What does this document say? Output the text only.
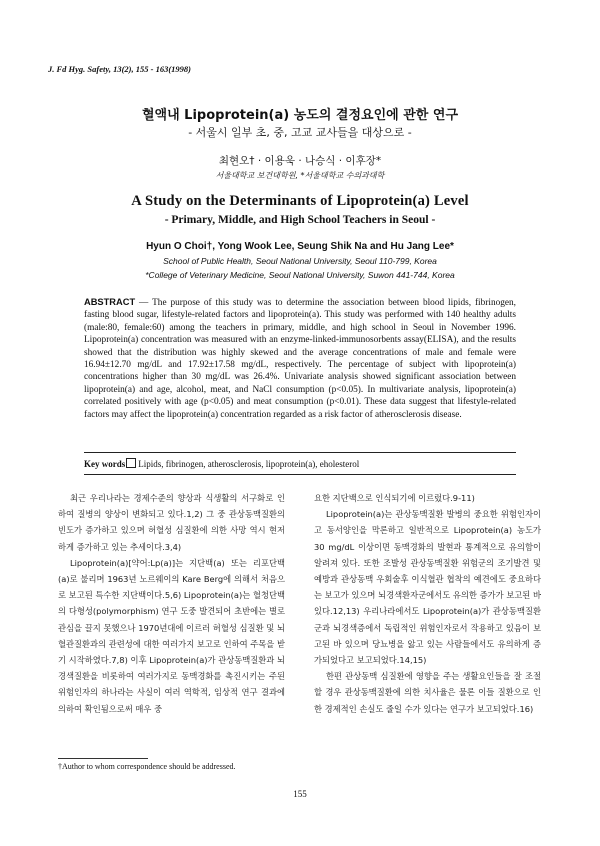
J. Fd Hyg. Safety, 13(2), 155 - 163(1998)
혈액내 Lipoprotein(a) 농도의 결정요인에 관한 연구
- 서울시 일부 초, 중, 고교 교사들을 대상으로 -
최현오† · 이용욱 · 나승식 · 이후장*
서울대학교 보건대학원, *서울대학교 수의과대학
A Study on the Determinants of Lipoprotein(a) Level
- Primary, Middle, and High School Teachers in Seoul -
Hyun O Choi†, Yong Wook Lee, Seung Shik Na and Hu Jang Lee*
School of Public Health, Seoul National University, Seoul 110-799, Korea
*College of Veterinary Medicine, Seoul National University, Suwon 441-744, Korea
ABSTRACT — The purpose of this study was to determine the association between blood lipids, fibrinogen, fasting blood sugar, lifestyle-related factors and lipoprotein(a). This study was performed with 140 healthy adults (male:80, female:60) among the teachers in primary, middle, and high school in Seoul in November 1996. Lipoprotein(a) concentration was measured with an enzyme-linked-immunosorbents assay(ELISA), and the results showed that the distribution was highly skewed and the average concentrations of male and female were 16.94±12.70 mg/dL and 17.92±17.58 mg/dL, respectively. The percentage of subject with lipoprotein(a) concentrations higher than 30 mg/dL was 26.4%. Univariate analysis showed significant association between lipoprotein(a) and age, alcohol, meat, and NaCl consumption (p<0.05). In multivariate analysis, lipoprotein(a) correlated positively with age (p<0.05) and meat consumption (p<0.01). These data suggest that lifestyle-related factors may affect the lipoprotein(a) concentration regarded as a risk factor of atherosclerosis disease.
Key words Lipids, fibrinogen, atherosclerosis, lipoprotein(a), eholesterol

최근 우리나라는 경제수준의 향상과 식생활의 서구화로 인하여 질병의 양상이 변화되고 있다.1,2) 그 중 관상동맥질환의 빈도가 증가하고 있으며 허혈성 심질환에 의한 사망 역시 현저하게 증가하고 있는 추세이다.3,4)

Lipoprotein(a)[약어:Lp(a)]는 지단백(a) 또는 리포단백(a)로 불리며 1963년 노르웨이의 Kare Berg에 의해서 처음으로 보고된 특수한 지단백이다.5,6) Lipoprotein(a)는 혈청단백의 다형성(polymorphism) 연구 도중 발견되어 초반에는 별로 관심을 끌지 못했으나 1970년대에 이르러 허혈성 심질환 및 뇌혈관질환과의 관련성에 대한 여러가지 보고로 인하여 주목을 받기 시작하였다.7,8) 이후 Lipoprotein(a)가 관상동맥질환과 뇌경색질환을 비롯하여 여러가지로 동맥경화를 촉진시키는 주된 위험인자의 하나라는 사실이 여러 역학적, 임상적 연구 결과에 의하여 확인됨으로써 매우 중

요한 지단백으로 인식되기에 이르렀다.9-11)

Lipoprotein(a)는 관상동맥질환 발병의 중요한 위험인자이고 동서양인을 막론하고 일반적으로 Lipoprotein(a) 농도가 30 mg/dL 이상이면 동맥경화의 발현과 통계적으로 유의함이 알려져 있다. 또한 조발성 관상동맥질환 위험군의 조기발견 및 예방과 관상동맥 우회술후 이식혈관 협착의 예견에도 중요하다는 보고가 있으며 뇌경색환자군에서도 유의한 증가가 보고된 바 있다.12,13) 우리나라에서도 Lipoprotein(a)가 관상동맥질환군과 뇌경색증에서 독립적인 위험인자로서 작용하고 있음이 보고된 바 있으며 당뇨병을 앓고 있는 사람들에서도 유의하게 증가되었다고 보고되었다.14,15)

한편 관상동맥 심질환에 영향을 주는 생활요인들을 잘 조절할 경우 관상동맥질환에 의한 치사율은 물론 이들 질환으로 인한 경제적인 손실도 줄일 수가 있다는 연구가 보고되었다.16)

†Author to whom correspondence should be addressed.
155
